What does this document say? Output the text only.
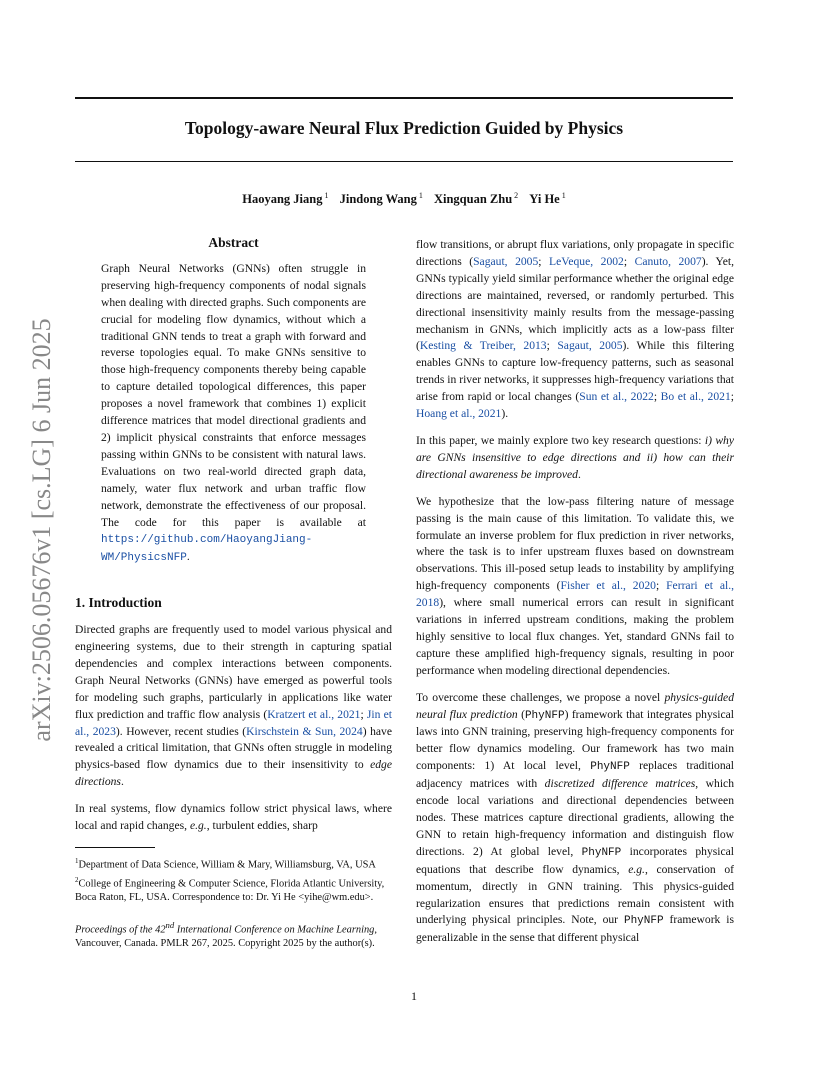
Topology-aware Neural Flux Prediction Guided by Physics
Haoyang Jiang $^1$ Jindong Wang $^1$ Xingquan Zhu $^2$ Yi He $^1$
arXiv:2506.05676v1 [cs.LG] 6 Jun 2025
Abstract

Graph Neural Networks (GNNs) often struggle in preserving high-frequency components of nodal signals when dealing with directed graphs. Such components are crucial for modeling flow dynamics, without which a traditional GNN tends to treat a graph with forward and reverse topologies equal. To make GNNs sensitive to those high-frequency components thereby being capable to capture detailed topological differences, this paper proposes a novel framework that combines 1) explicit difference matrices that model directional gradients and 2) implicit physical constraints that enforce messages passing within GNNs to be consistent with natural laws. Evaluations on two real-world directed graph data, namely, water flux network and urban traffic flow network, demonstrate the effectiveness of our proposal. The code for this paper is available at https://github.com/HaoyangJiang-WM/PhysicsNFP.

1. Introduction

Directed graphs are frequently used to model various physical and engineering systems, due to their strength in capturing spatial dependencies and complex interactions between components. Graph Neural Networks (GNNs) have emerged as powerful tools for modeling such graphs, particularly in applications like water flux prediction and traffic flow analysis (Kratzert et al., 2021; Jin et al., 2023). However, recent studies (Kirschstein & Sun, 2024) have revealed a critical limitation, that GNNs often struggle in modeling physics-based flow dynamics due to their insensitivity to edge directions.

In real systems, flow dynamics follow strict physical laws, where local and rapid changes, e.g., turbulent eddies, sharp

$^1$Department of Data Science, William & Mary, Williamsburg, VA, USA $^2$College of Engineering & Computer Science, Florida Atlantic University, Boca Raton, FL, USA. Correspondence to: Dr. Yi He <yihe@wm.edu>.
Proceedings of the 42nd International Conference on Machine Learning, Vancouver, Canada. PMLR 267, 2025. Copyright 2025 by the author(s).

flow transitions, or abrupt flux variations, only propagate in specific directions (Sagaut, 2005; LeVeque, 2002; Canuto, 2007). Yet, GNNs typically yield similar performance whether the original edge directions are maintained, reversed, or randomly perturbed. This directional insensitivity mainly results from the message-passing mechanism in GNNs, which implicitly acts as a low-pass filter (Kesting & Treiber, 2013; Sagaut, 2005). While this filtering enables GNNs to capture low-frequency patterns, such as seasonal trends in river networks, it suppresses high-frequency variations that arise from rapid or local changes (Sun et al., 2022; Bo et al., 2021; Hoang et al., 2021).

In this paper, we mainly explore two key research questions: i) why are GNNs insensitive to edge directions and ii) how can their directional awareness be improved.

We hypothesize that the low-pass filtering nature of message passing is the main cause of this limitation. To validate this, we formulate an inverse problem for flux prediction in river networks, where the task is to infer upstream fluxes based on downstream observations. This ill-posed setup leads to instability by amplifying high-frequency components (Fisher et al., 2020; Ferrari et al., 2018), where small numerical errors can result in significant variations in inferred upstream conditions, making the problem highly sensitive to local flux changes. Yet, standard GNNs fail to capture these amplified high-frequency signals, resulting in poor performance when modeling directional dependencies.

To overcome these challenges, we propose a novel physics-guided neural flux prediction (PhyNFP) framework that integrates physical laws into GNN training, preserving high-frequency components for better flow dynamics modeling. Our framework has two main components: 1) At local level, PhyNFP replaces traditional adjacency matrices with discretized difference matrices, which encode local variations and directional dependencies between nodes. These matrices capture directional gradients, allowing the GNN to retain high-frequency information and distinguish flow directions. 2) At global level, PhyNFP incorporates physical equations that describe flow dynamics, e.g., conservation of momentum, directly in GNN training. This physics-guided regularization ensures that predictions remain consistent with underlying physical principles. Note, our PhyNFP framework is generalizable in the sense that different physical

1
